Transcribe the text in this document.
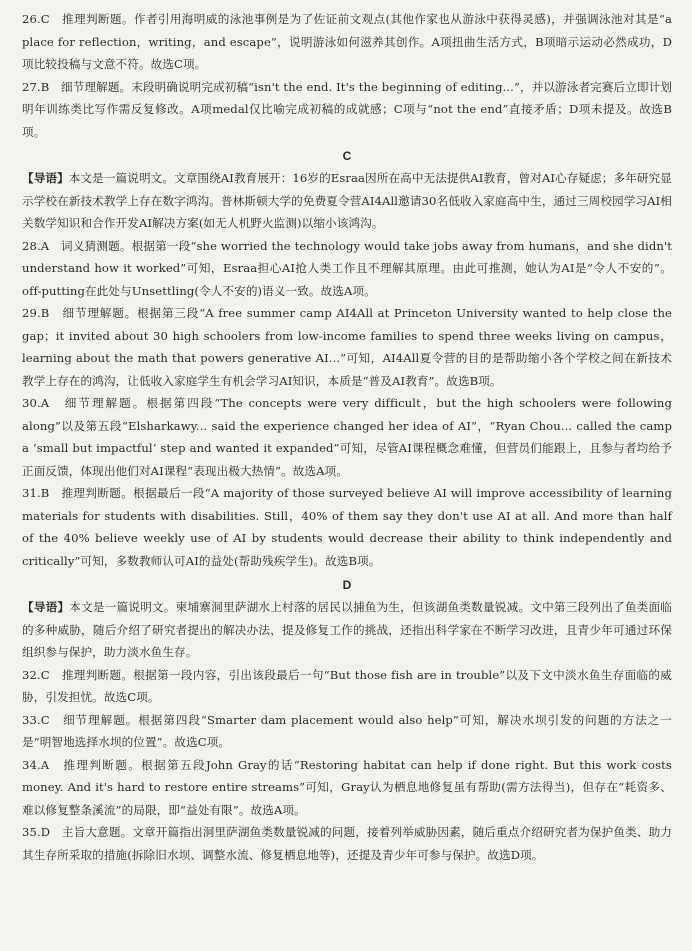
26.C　推理判断题。作者引用海明威的泳池事例是为了佐证前文观点(其他作家也从游泳中获得灵感)，并强调泳池对其是“a place for reflection，writing，and escape”，说明游泳如何滋养其创作。A项扭曲生活方式，B项暗示运动必然成功，D项比较投稿与文意不符。故选C项。

27.B　细节理解题。末段明确说明完成初稿“isn't the end. It's the beginning of editing...”，并以游泳者完赛后立即计划明年训练类比写作需反复修改。A项medal仅比喻完成初稿的成就感；C项与“not the end”直接矛盾；D项未提及。故选B项。

C

【导语】本文是一篇说明文。文章围绕AI教育展开：16岁的Esraa因所在高中无法提供AI教育，曾对AI心存疑虑；多年研究显示学校在新技术教学上存在数字鸿沟。普林斯顿大学的免费夏令营AI4All邀请30名低收入家庭高中生，通过三周校园学习AI相关数学知识和合作开发AI解决方案(如无人机野火监测)以缩小该鸿沟。

28.A　词义猜测题。根据第一段“she worried the technology would take jobs away from humans，and she didn't understand how it worked”可知，Esraa担心AI抢人类工作且不理解其原理。由此可推测，她认为AI是“令人不安的”。off-putting在此处与Unsettling(令人不安的)语义一致。故选A项。

29.B　细节理解题。根据第三段“A free summer camp AI4All at Princeton University wanted to help close the gap；it invited about 30 high schoolers from low-income families to spend three weeks living on campus，learning about the math that powers generative AI...”可知，AI4All夏令营的目的是帮助缩小各个学校之间在新技术教学上存在的鸿沟，让低收入家庭学生有机会学习AI知识，本质是“普及AI教育”。故选B项。

30.A　细节理解题。根据第四段“The concepts were very difficult，but the high schoolers were following along”以及第五段“Elsharkawy... said the experience changed her idea of AI”，“Ryan Chou... called the camp a ‘small but impactful’ step and wanted it expanded”可知，尽管AI课程概念难懂，但营员们能跟上，且参与者均给予正面反馈，体现出他们对AI课程“表现出极大热情”。故选A项。

31.B　推理判断题。根据最后一段“A majority of those surveyed believe AI will improve accessibility of learning materials for students with disabilities. Still，40% of them say they don't use AI at all. And more than half of the 40% believe weekly use of AI by students would decrease their ability to think independently and critically”可知，多数教师认可AI的益处(帮助残疾学生)。故选B项。

D

【导语】本文是一篇说明文。柬埔寨洞里萨湖水上村落的居民以捕鱼为生，但该湖鱼类数量锐减。文中第三段列出了鱼类面临的多种威胁，随后介绍了研究者提出的解决办法，提及修复工作的挑战，还指出科学家在不断学习改进，且青少年可通过环保组织参与保护，助力淡水鱼生存。

32.C　推理判断题。根据第一段内容，引出该段最后一句“But those fish are in trouble”以及下文中淡水鱼生存面临的威胁，引发担忧。故选C项。

33.C　细节理解题。根据第四段“Smarter dam placement would also help”可知，解决水坝引发的问题的方法之一是“明智地选择水坝的位置”。故选C项。

34.A　推理判断题。根据第五段John Gray的话“Restoring habitat can help if done right. But this work costs money. And it's hard to restore entire streams”可知，Gray认为栖息地修复虽有帮助(需方法得当)，但存在“耗资多、难以修复整条溪流”的局限，即“益处有限”。故选A项。

35.D　主旨大意题。文章开篇指出洞里萨湖鱼类数量锐减的问题，接着列举威胁因素，随后重点介绍研究者为保护鱼类、助力其生存所采取的措施(拆除旧水坝、调整水流、修复栖息地等)，还提及青少年可参与保护。故选D项。
